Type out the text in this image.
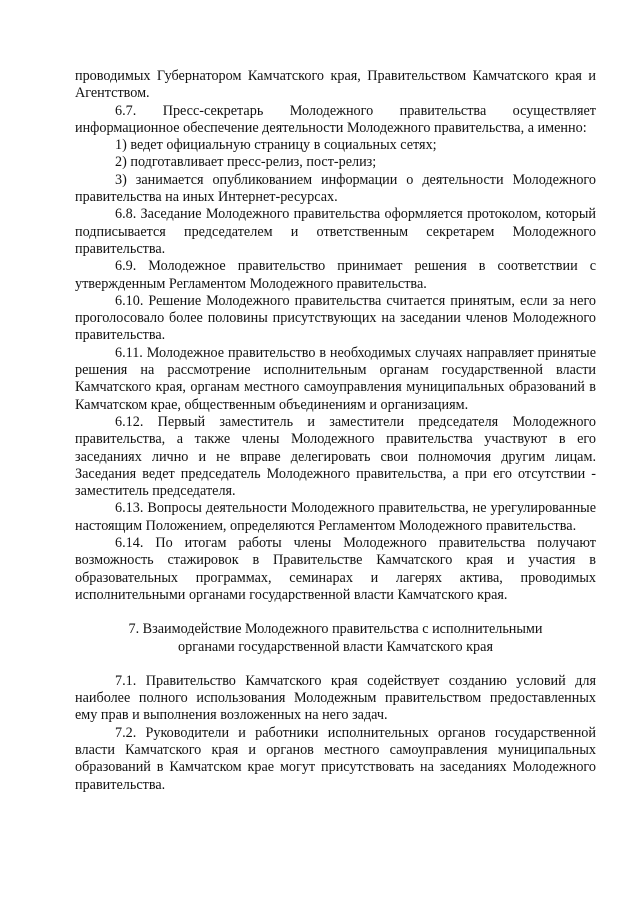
проводимых Губернатором Камчатского края, Правительством Камчатского края и Агентством.

6.7. Пресс-секретарь Молодежного правительства осуществляет информационное обеспечение деятельности Молодежного правительства, а именно:

1) ведет официальную страницу в социальных сетях;

2) подготавливает пресс-релиз, пост-релиз;

3) занимается опубликованием информации о деятельности Молодежного правительства на иных Интернет-ресурсах.

6.8. Заседание Молодежного правительства оформляется протоколом, который подписывается председателем и ответственным секретарем Молодежного правительства.

6.9. Молодежное правительство принимает решения в соответствии с утвержденным Регламентом Молодежного правительства.

6.10. Решение Молодежного правительства считается принятым, если за него проголосовало более половины присутствующих на заседании членов Молодежного правительства.

6.11. Молодежное правительство в необходимых случаях направляет принятые решения на рассмотрение исполнительным органам государственной власти Камчатского края, органам местного самоуправления муниципальных образований в Камчатском крае, общественным объединениям и организациям.

6.12. Первый заместитель и заместители председателя Молодежного правительства, а также члены Молодежного правительства участвуют в его заседаниях лично и не вправе делегировать свои полномочия другим лицам. Заседания ведет председатель Молодежного правительства, а при его отсутствии - заместитель председателя.

6.13. Вопросы деятельности Молодежного правительства, не урегулированные настоящим Положением, определяются Регламентом Молодежного правительства.

6.14. По итогам работы члены Молодежного правительства получают возможность стажировок в Правительстве Камчатского края и участия в образовательных программах, семинарах и лагерях актива, проводимых исполнительными органами государственной власти Камчатского края.

7. Взаимодействие Молодежного правительства с исполнительными

органами государственной власти Камчатского края

7.1. Правительство Камчатского края содействует созданию условий для наиболее полного использования Молодежным правительством предоставленных ему прав и выполнения возложенных на него задач.

7.2. Руководители и работники исполнительных органов государственной власти Камчатского края и органов местного самоуправления муниципальных образований в Камчатском крае могут присутствовать на заседаниях Молодежного правительства.
